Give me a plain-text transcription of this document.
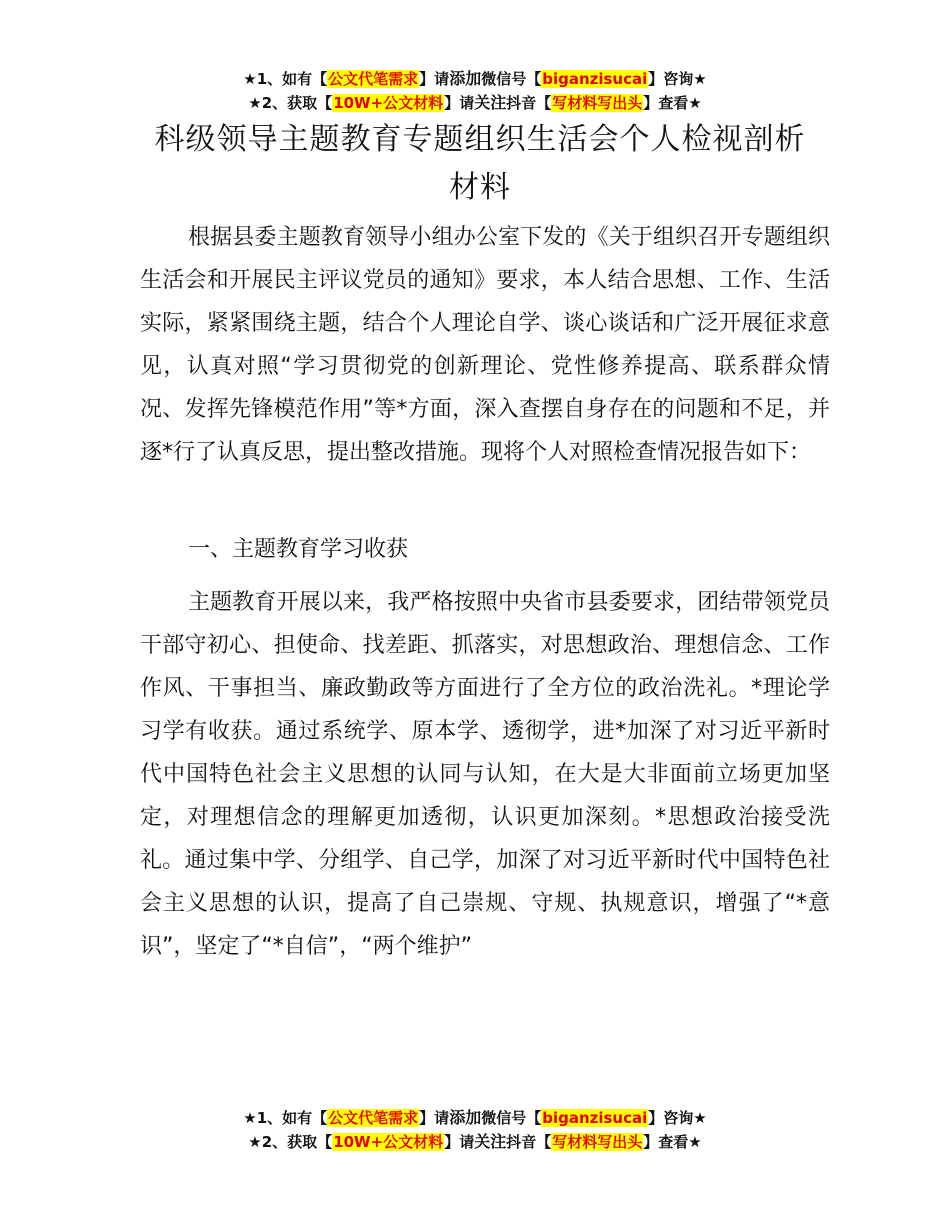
★1、如有【公文代笔需求】请添加微信号【biganzisucai】咨询★
★2、获取【10W+公文材料】请关注抖音【写材料写出头】查看★
科级领导主题教育专题组织生活会个人检视剖析材料

根据县委主题教育领导小组办公室下发的《关于组织召开专题组织生活会和开展民主评议党员的通知》要求，本人结合思想、工作、生活实际，紧紧围绕主题，结合个人理论自学、谈心谈话和广泛开展征求意见，认真对照“学习贯彻党的创新理论、党性修养提高、联系群众情况、发挥先锋模范作用”等*方面，深入查摆自身存在的问题和不足，并逐*行了认真反思，提出整改措施。现将个人对照检查情况报告如下：

一、主题教育学习收获

主题教育开展以来，我严格按照中央省市县委要求，团结带领党员干部守初心、担使命、找差距、抓落实，对思想政治、理想信念、工作作风、干事担当、廉政勤政等方面进行了全方位的政治洗礼。*理论学习学有收获。通过系统学、原本学、透彻学，进*加深了对习近平新时代中国特色社会主义思想的认同与认知，在大是大非面前立场更加坚定，对理想信念的理解更加透彻，认识更加深刻。*思想政治接受洗礼。通过集中学、分组学、自己学，加深了对习近平新时代中国特色社会主义思想的认识，提高了自己崇规、守规、执规意识，增强了“*意识”，坚定了“*自信”，“两个维护”

★1、如有【公文代笔需求】请添加微信号【biganzisucai】咨询★
★2、获取【10W+公文材料】请关注抖音【写材料写出头】查看★
